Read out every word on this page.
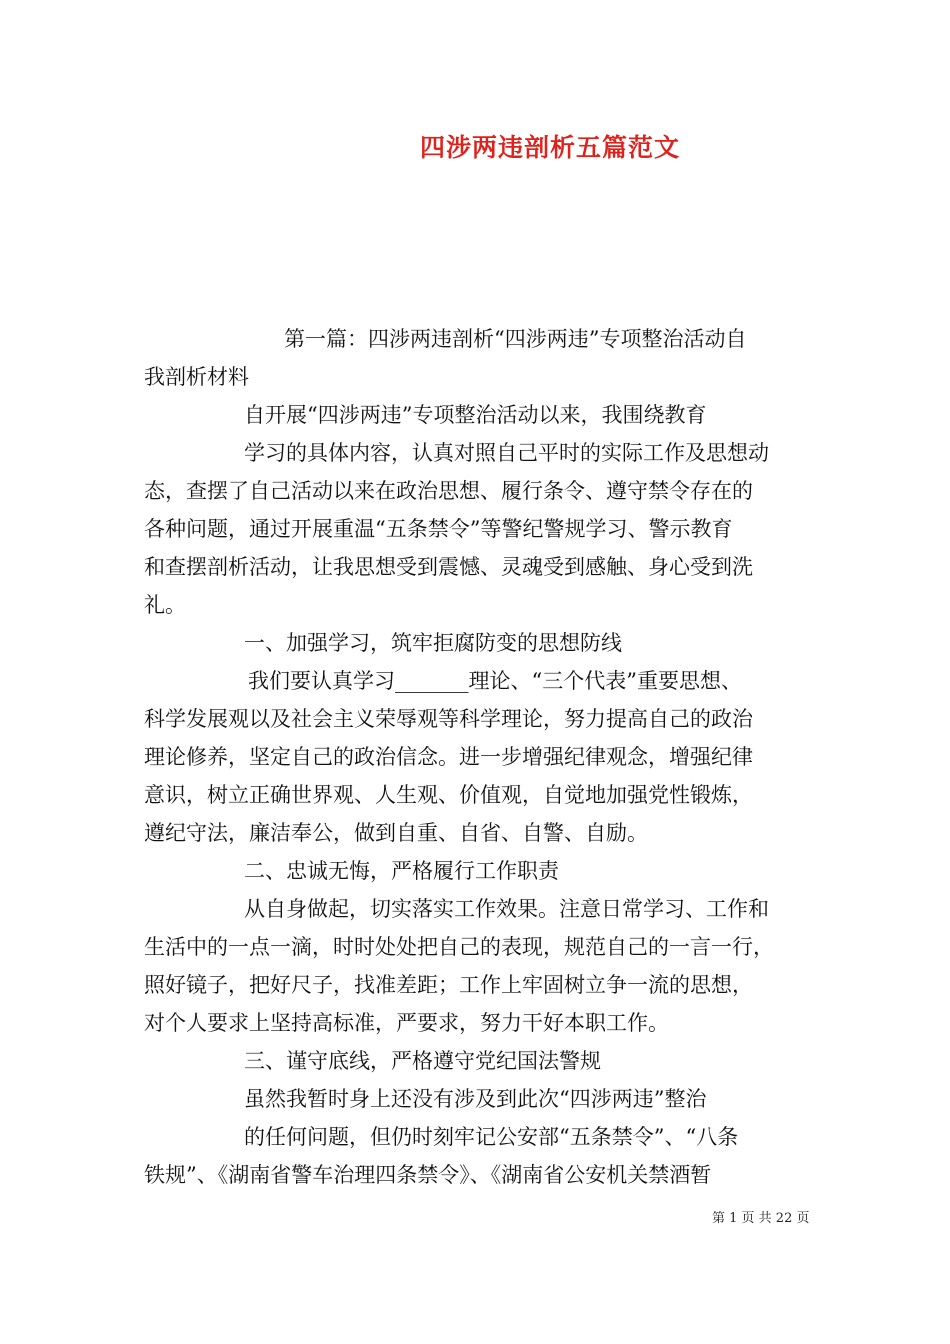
四涉两违剖析五篇范文
第一篇：四涉两违剖析“四涉两违”专项整治活动自
我剖析材料
自开展“四涉两违”专项整治活动以来，我围绕教育
学习的具体内容，认真对照自己平时的实际工作及思想动
态，查摆了自己活动以来在政治思想、履行条令、遵守禁令存在的
各种问题，通过开展重温“五条禁令”等警纪警规学习、警示教育
和查摆剖析活动，让我思想受到震憾、灵魂受到感触、身心受到洗
礼。
一、加强学习，筑牢拒腐防变的思想防线
我们要认真学习_______理论、“三个代表”重要思想、
科学发展观以及社会主义荣辱观等科学理论，努力提高自己的政治
理论修养，坚定自己的政治信念。进一步增强纪律观念，增强纪律
意识，树立正确世界观、人生观、价值观，自觉地加强党性锻炼，
遵纪守法，廉洁奉公，做到自重、自省、自警、自励。
二、忠诚无悔，严格履行工作职责
从自身做起，切实落实工作效果。注意日常学习、工作和
生活中的一点一滴，时时处处把自己的表现，规范自己的一言一行，
照好镜子，把好尺子，找准差距；工作上牢固树立争一流的思想，
对个人要求上坚持高标准，严要求，努力干好本职工作。
三、谨守底线，严格遵守党纪国法警规
虽然我暂时身上还没有涉及到此次“四涉两违”整治
的任何问题，但仍时刻牢记公安部“五条禁令”、“八条
铁规”、《湖南省警车治理四条禁令》、《湖南省公安机关禁酒暂
第 1 页 共 22 页
